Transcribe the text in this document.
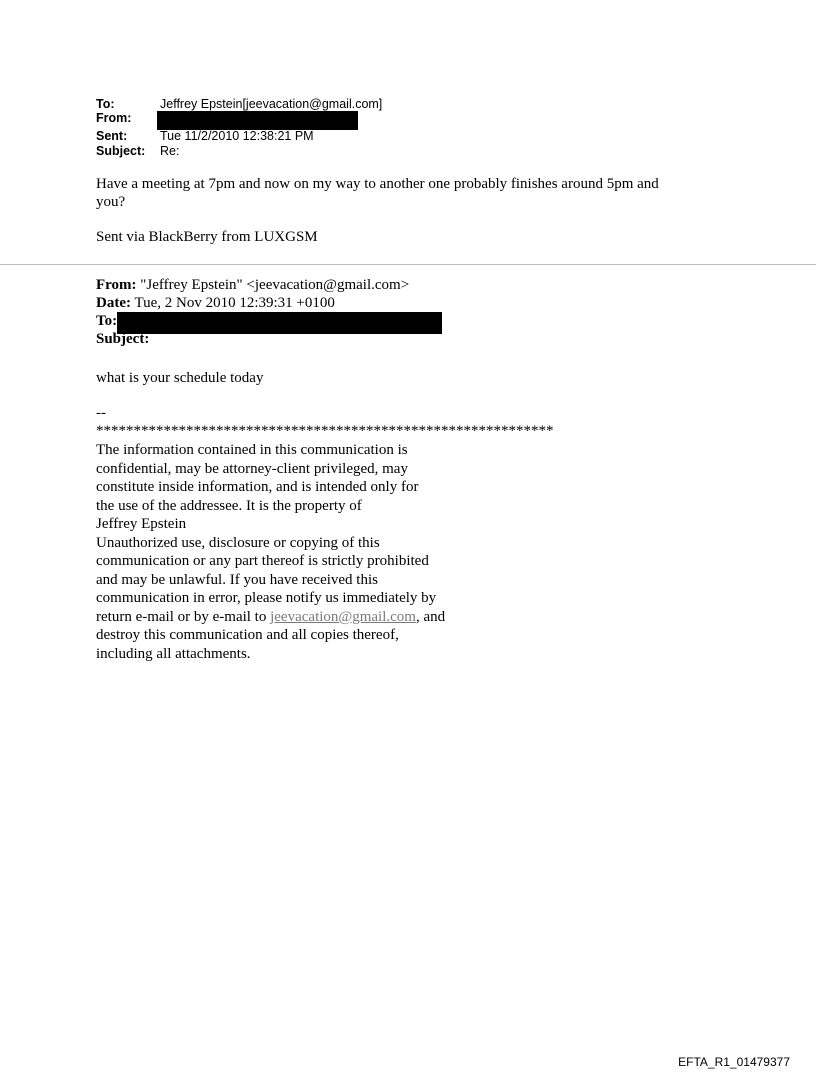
To:	Jeffrey Epstein[jeevacation@gmail.com]
From:
Sent:	Tue 11/2/2010 12:38:21 PM
Subject: Re:
Have a meeting at 7pm and now on my way to another one probably finishes around 5pm and
you?
Sent via BlackBerry from LUXGSM
From: "Jeffrey Epstein" <jeevacation@gmail.com>
Date: Tue, 2 Nov 2010 12:39:31 +0100
To:
Subject:
what is your schedule today
--
*************************************************************
The information contained in this communication is
confidential, may be attorney-client privileged, may
constitute inside information, and is intended only for
the use of the addressee. It is the property of
Jeffrey Epstein
Unauthorized use, disclosure or copying of this
communication or any part thereof is strictly prohibited
and may be unlawful. If you have received this
communication in error, please notify us immediately by
return e-mail or by e-mail to jeevacation@gmail.com, and
destroy this communication and all copies thereof,
including all attachments.
EFTA_R1_01479377
